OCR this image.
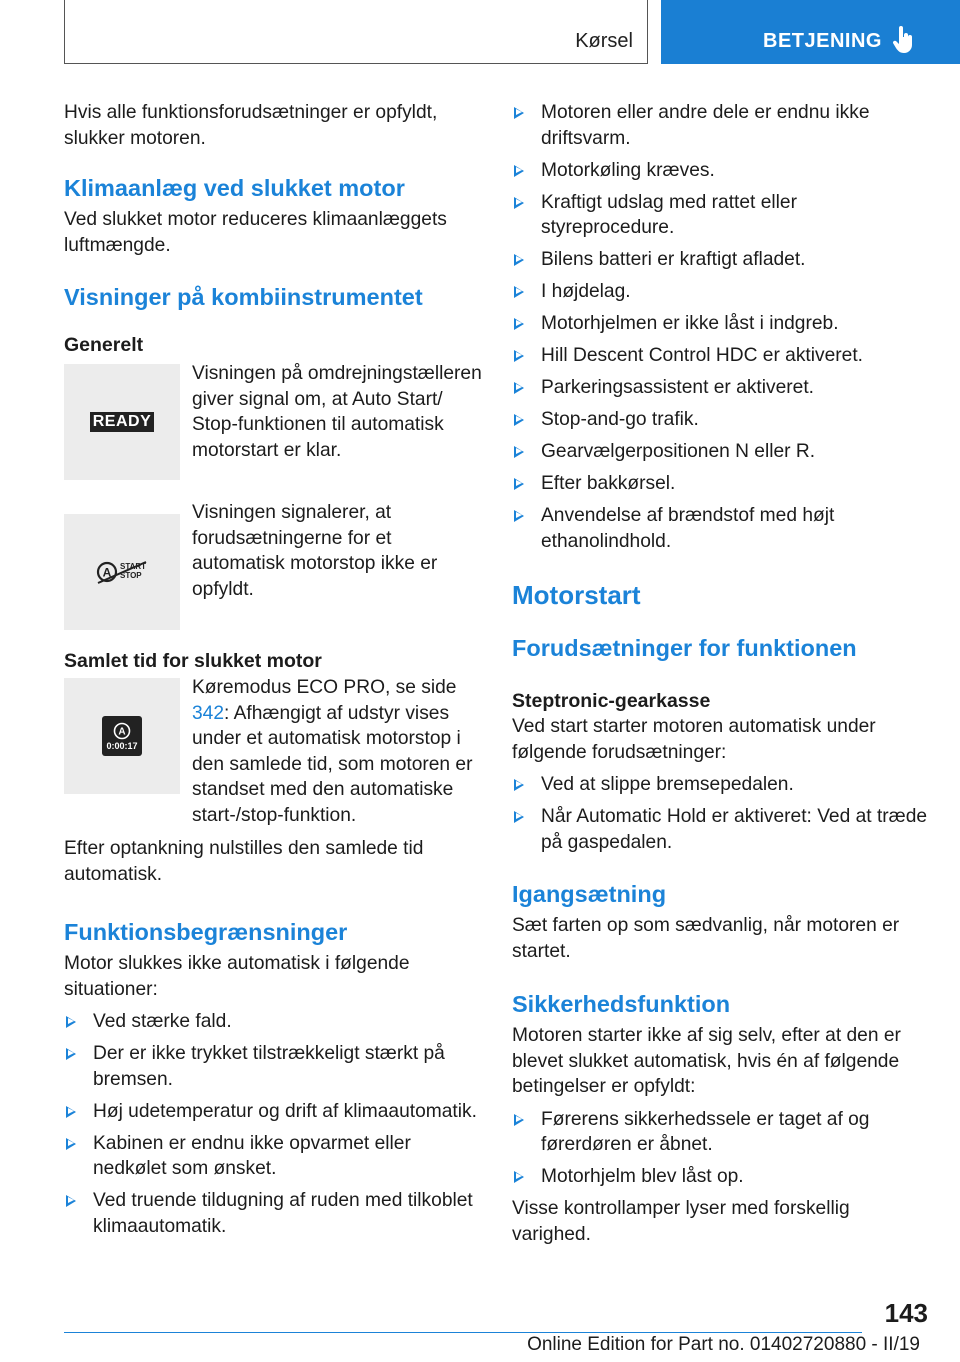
Kørsel	BETJENING

Hvis alle funktionsforudsætninger er opfyldt, slukker motoren.

Klimaanlæg ved slukket motor

Ved slukket motor reduceres klimaanlæggets luftmængde.

Visninger på kombiinstrumentet
Generelt
READY

Visningen på omdrejningstælleren giver signal om, at Auto Start/ Stop-funktionen til automatisk motorstart er klar.

A START
STOP

Visningen signalerer, at forudsætningerne for et automatisk motorstop ikke er opfyldt.

Samlet tid for slukket motor
A
0:00:17

Køremodus ECO PRO, se side 342: Afhængigt af udstyr vises under et automatisk motorstop i den samlede tid, som motoren er standset med den automatiske start-/stop-funktion.

Efter optankning nulstilles den samlede tid automatisk.

Funktionsbegrænsninger

Motor slukkes ikke automatisk i følgende situationer:

Ved stærke fald.
Der er ikke trykket tilstrækkeligt stærkt på bremsen.
Høj udetemperatur og drift af klimaautomatik.
Kabinen er endnu ikke opvarmet eller nedkølet som ønsket.
Ved truende tildugning af ruden med tilkoblet klimaautomatik.
Motoren eller andre dele er endnu ikke driftsvarm.
Motorkøling kræves.
Kraftigt udslag med rattet eller styreprocedure.
Bilens batteri er kraftigt afladet.
I højdelag.
Motorhjelmen er ikke låst i indgreb.
Hill Descent Control HDC er aktiveret.
Parkeringsassistent er aktiveret.
Stop-and-go trafik.
Gearvælgerpositionen N eller R.
Efter bakkørsel.
Anvendelse af brændstof med højt ethanolindhold.
Motorstart
Forudsætninger for funktionen
Steptronic-gearkasse

Ved start starter motoren automatisk under følgende forudsætninger:

Ved at slippe bremsepedalen.
Når Automatic Hold er aktiveret: Ved at træde på gaspedalen.
Igangsætning

Sæt farten op som sædvanlig, når motoren er startet.

Sikkerhedsfunktion

Motoren starter ikke af sig selv, efter at den er blevet slukket automatisk, hvis én af følgende betingelser er opfyldt:

Førerens sikkerhedssele er taget af og førerdøren er åbnet.
Motorhjelm blev låst op.

Visse kontrollamper lyser med forskellig varighed.

143
Online Edition for Part no. 01402720880 - II/19
